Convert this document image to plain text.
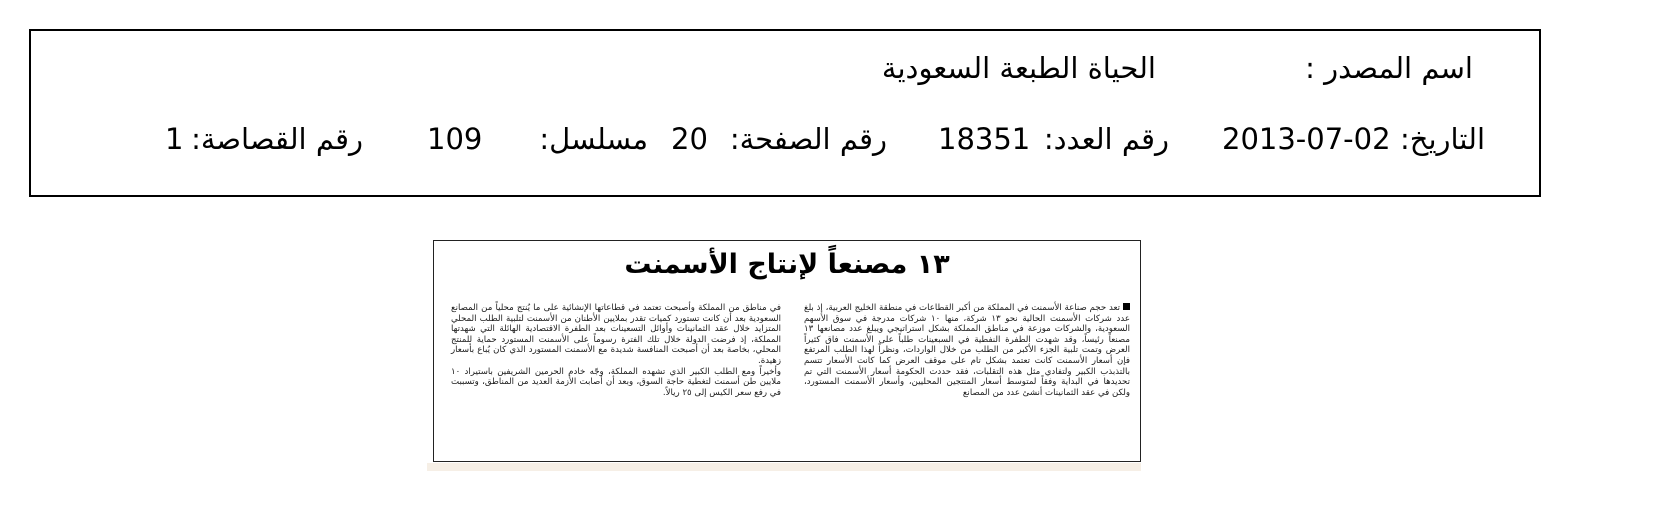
اسم المصدر :
الحياة الطبعة السعودية
التاريخ:
2013-07-02
رقم العدد:
18351
رقم الصفحة:
20
مسلسل:
109
رقم القصاصة:
1
١٣ مصنعاً لإنتاج الأسمنت

تعد حجم صناعة الأسمنت في المملكة من أكبر القطاعات في منطقة الخليج العربية، إذ بلغ عدد شركات الأسمنت الحالية نحو ١٣ شركة، منها ١٠ شركات مدرجة في سوق الأسهم السعودية، والشركات موزعة في مناطق المملكة بشكل استراتيجي ويبلغ عدد مصانعها ١٣ مصنعاً رئيساً، وقد شهدت الطفرة النفطية في السبعينات طلباً على الأسمنت فاق كثيراً العرض وتمت تلبية الجزء الأكبر من الطلب من خلال الواردات، ونظراً لهذا الطلب المرتفع فإن أسعار الأسمنت كانت تعتمد بشكل تام على موقف العرض كما كانت الأسعار تتسم بالتذبذب الكبير ولتفادي مثل هذه التقلبات، فقد حددت الحكومة أسعار الأسمنت التي تم تحديدها في البداية وفقاً لمتوسط أسعار المنتجين المحليين، وأسعار الأسمنت المستورد، ولكن في عقد الثمانينات أنشئ عدد من المصانع

في مناطق من المملكة وأصبحت تعتمد في قطاعاتها الإنشائية على ما يُنتج محلياً من المصانع السعودية بعد أن كانت تستورد كميات تقدر بملايين الأطنان من الأسمنت لتلبية الطلب المحلي المتزايد خلال عقد الثمانينات وأوائل التسعينات بعد الطفرة الاقتصادية الهائلة التي شهدتها المملكة، إذ فرضت الدولة خلال تلك الفترة رسوماً على الأسمنت المستورد حماية للمنتج المحلي، بخاصة بعد أن أصبحت المنافسة شديدة مع الأسمنت المستورد الذي كان يُباع بأسعار زهيدة.

وأخيراً ومع الطلب الكبير الذي تشهده المملكة، وجّه خادم الحرمين الشريفين باستيراد ١٠ ملايين طن أسمنت لتغطية حاجة السوق، وبعد أن أصابت الأزمة العديد من المناطق، وتسببت في رفع سعر الكيس إلى ٢٥ ريالاً.
